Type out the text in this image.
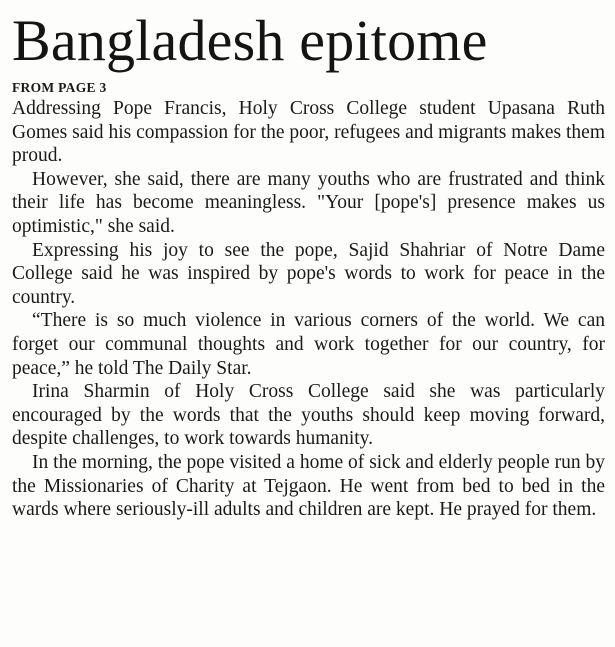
Bangladesh epitome
FROM PAGE 3

Addressing Pope Francis, Holy Cross College student Upasana Ruth Gomes said his compassion for the poor, refugees and migrants makes them proud.

However, she said, there are many youths who are frustrated and think their life has become meaningless. "Your [pope's] presence makes us optimistic," she said.

Expressing his joy to see the pope, Sajid Shahriar of Notre Dame College said he was inspired by pope's words to work for peace in the country.

“There is so much violence in various corners of the world. We can forget our communal thoughts and work together for our country, for peace,” he told The Daily Star.

Irina Sharmin of Holy Cross College said she was particularly encouraged by the words that the youths should keep moving forward, despite challenges, to work towards humanity.

In the morning, the pope visited a home of sick and elderly people run by the Missionaries of Charity at Tejgaon. He went from bed to bed in the wards where seriously-ill adults and children are kept. He prayed for them.
